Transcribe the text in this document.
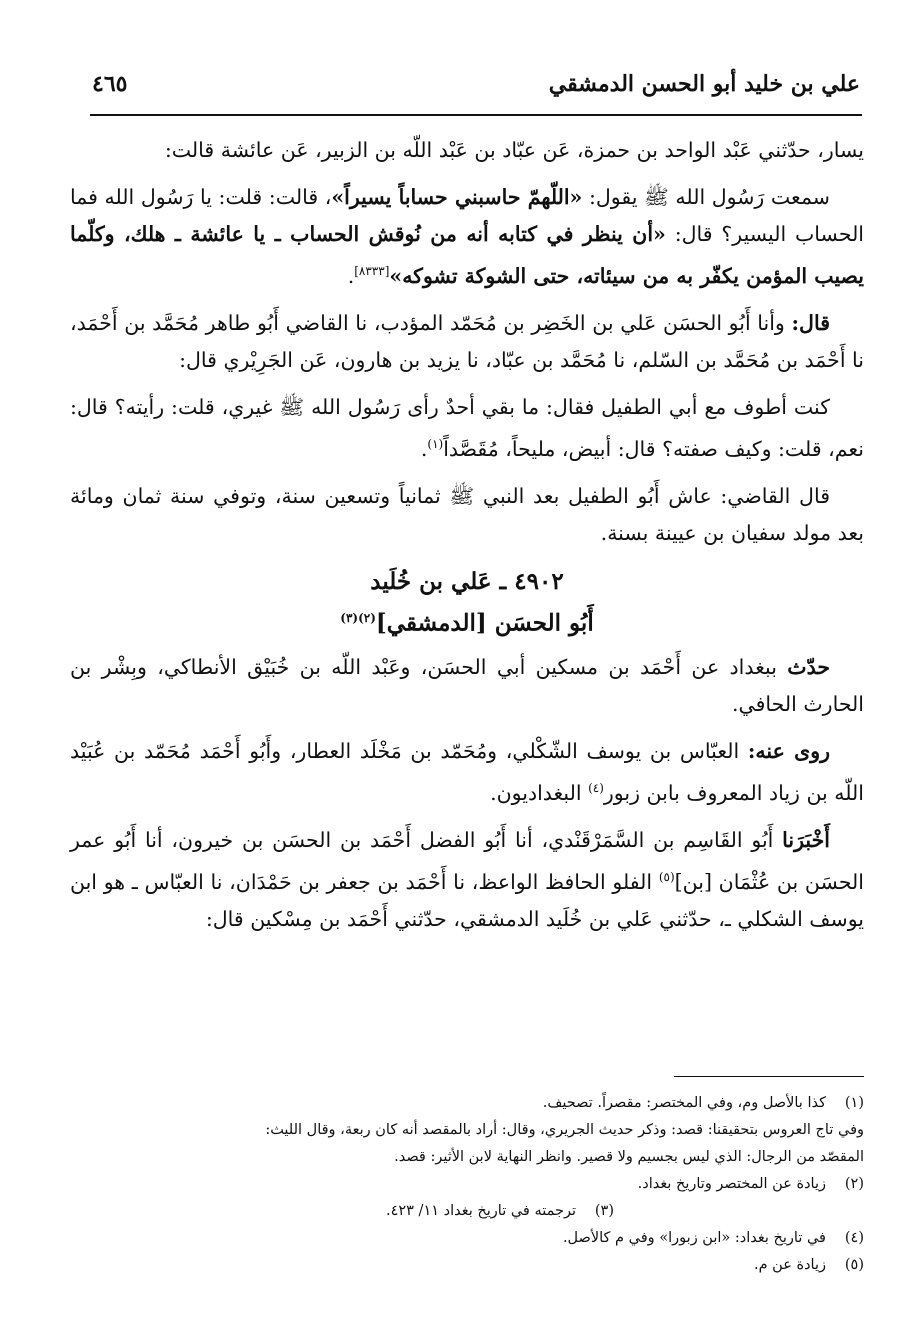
علي بن خليد أبو الحسن الدمشقي
٤٦٥

يسار، حدّثني عَبْد الواحد بن حمزة، عَن عبّاد بن عَبْد اللّه بن الزبير، عَن عائشة قالت:

سمعت رَسُول الله ﷺ يقول: «اللّهمّ حاسبني حساباً يسيراً»، قالت: قلت: يا رَسُول الله فما الحساب اليسير؟ قال: «أن ينظر في كتابه أنه من نُوقش الحساب ـ يا عائشة ـ هلك، وكلّما يصيب المؤمن يكفّر به من سيئاته، حتى الشوكة تشوكه»[٨٣٣٣].

قال: وأنا أَبُو الحسَن عَلي بن الخَضِر بن مُحَمّد المؤدب، نا القاضي أَبُو طاهر مُحَمَّد بن أَحْمَد، نا أَحْمَد بن مُحَمَّد بن السّلم، نا مُحَمَّد بن عبّاد، نا يزيد بن هارون، عَن الجَرِيْري قال:

كنت أطوف مع أبي الطفيل فقال: ما بقي أحدٌ رأى رَسُول الله ﷺ غيري، قلت: رأيته؟ قال: نعم، قلت: وكيف صفته؟ قال: أبيض، مليحاً، مُقَصَّداً$^{(١)}$.

قال القاضي: عاش أَبُو الطفيل بعد النبي ﷺ ثمانياً وتسعين سنة، وتوفي سنة ثمان ومائة بعد مولد سفيان بن عيينة بسنة.

٤٩٠٢ ـ عَلي بن خُلَيد
أَبُو الحسَن [الدمشقي]$^{(٢)(٣)}$

حدّث ببغداد عن أَحْمَد بن مسكين أبي الحسَن، وعَبْد اللّه بن خُبَيْق الأنطاكي، وبِشْر بن الحارث الحافي.

روى عنه: العبّاس بن يوسف الشّكْلي، ومُحَمّد بن مَخْلَد العطار، وأَبُو أَحْمَد مُحَمّد بن عُبَيْد اللّه بن زياد المعروف بابن زبور$^{(٤)}$ البغداديون.

أَخْبَرَنا أَبُو القَاسِم بن السَّمَرْقَنْدي، أنا أَبُو الفضل أَحْمَد بن الحسَن بن خيرون، أنا أَبُو عمر الحسَن بن عُثْمَان [بن]$^{(٥)}$ الفلو الحافظ الواعظ، نا أَحْمَد بن جعفر بن حَمْدَان، نا العبّاس ـ هو ابن يوسف الشكلي ـ، حدّثني عَلي بن خُلَيد الدمشقي، حدّثني أَحْمَد بن مِسْكين قال:

(١)
كذا بالأصل وم، وفي المختصر: مقصراً. تصحيف.
وفي تاج العروس بتحقيقنا: قصد: وذكر حديث الجريري، وقال: أراد بالمقصد أنه كان ربعة، وقال الليث:
المقصّد من الرجال: الذي ليس بجسيم ولا قصير. وانظر النهاية لابن الأثير: قصد.
(٢)
زيادة عن المختصر وتاريخ بغداد.
(٣)
ترجمته في تاريخ بغداد ١١/ ٤٢٣.
(٤)
في تاريخ بغداد: «ابن زبورا» وفي م كالأصل.
(٥)
زيادة عن م.
